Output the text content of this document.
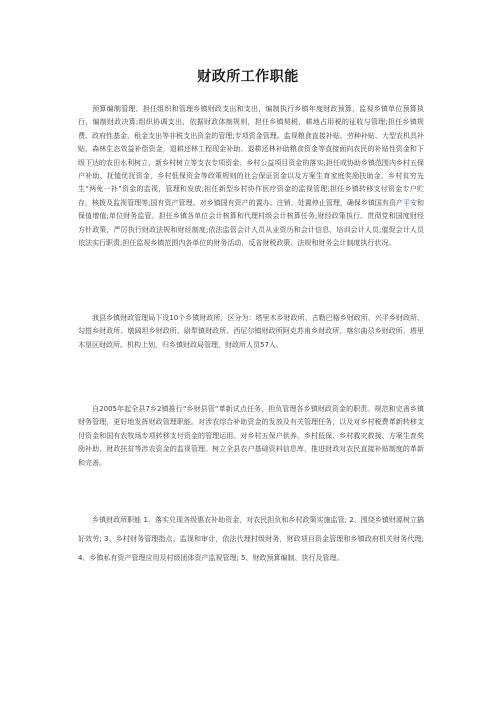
财政所工作职能
预算编制管理、担任组织和管理乡镇财政支出和支出，编制执行乡镇年度财政预算，监视乡镇单位预算执行，编制财政决算;组织协调支出，依据财政体制规则，担任乡镇契税，耕地占用税的征收与管理;担任乡镇规费、政府性基金、租金支出等非税支出资金的管理;专项资金管理。监视粮食直接补贴、劳种补贴、大型农机具补贴，森林生态效益补偿资金，退耕还林工程现金补助、退耕还林补助粮食资金等直接面向农民的补贴性资金和下级下达的农田水利树立、新乡村树立等支农专项资金、乡村公益项目资金的落实;担任或协助乡镇范围内乡村五保户补助、抚恤优抚资金，乡村低保资金等政策规则的社会保证资金以及方案生育家庭奖励扶助金、乡村贫穷先生“两免一补”资金的监视，管理和发放;担任新型乡村协作医疗资金的监视管理;担任乡镇转移支付资金专户贮存，核拨及监视管理等;国有资产管理。对乡镇国有资产的置办、注销、处置停止管理，确保乡镇国有资产平安和保值增值;单位财务监管。担任乡镇各单位会计核算和代理村级会计核算任务;财经政策执行。贯彻党和国度财经方针政策，严厉执行财政法规和财经制度;依法监管会计人员从业资历和会计信息，培训会计人员;催促会计人员依法实行职责;担任监视乡镇范围内各单位的财务活动，反省财税政策、法规和财务会计制度执行状况。
我县乡镇财政管理局下设10个乡镇财政所，区分为：塔里木乡财政所、古勒巴格乡财政所、兴平乡财政所、勾搭乡财政所、墩阔坦乡财政所、尉犁镇财政所、西尼尔镇财政所阿克苏甫乡财政所、喀尔曲尕乡财政所、塔里木垦区财政所。机构上划，归乡镇财政局管理，财政所人员57人。
自2005年起全县7乡2镇推行“乡财县管”革新试点任务，担负管理各乡镇财政资金的职责。规范和完善乡镇财务管理，更好地发挥财政管理职能。对涉农综合补助资金的发放及有关管理任务，以及对乡村税费革新转移支付资金和国有农牧场专项转移支付资金的管理运用。对乡村五保户供养、乡村低保、乡村救灾救援、方案生育奖励补助、财政扶贫等涉农资金的监视管理。树立全县农户基础资料信息库，推进财政对农民直接补贴制度的革新和完善。
乡镇财政所职能 1、落实兑现各级惠农补助资金，对农民担负和乡村政策实施监管; 2、围绕乡镇财源树立搞好效劳; 3、乡村财务管理指点、监视和审计，依法代理村级财务，财政项目资金管理和乡镇政府机关财务代理; 4、乡镇私有资产管理应用及村级团体资产监视管理; 5、财政预算编制、执行及管理。
